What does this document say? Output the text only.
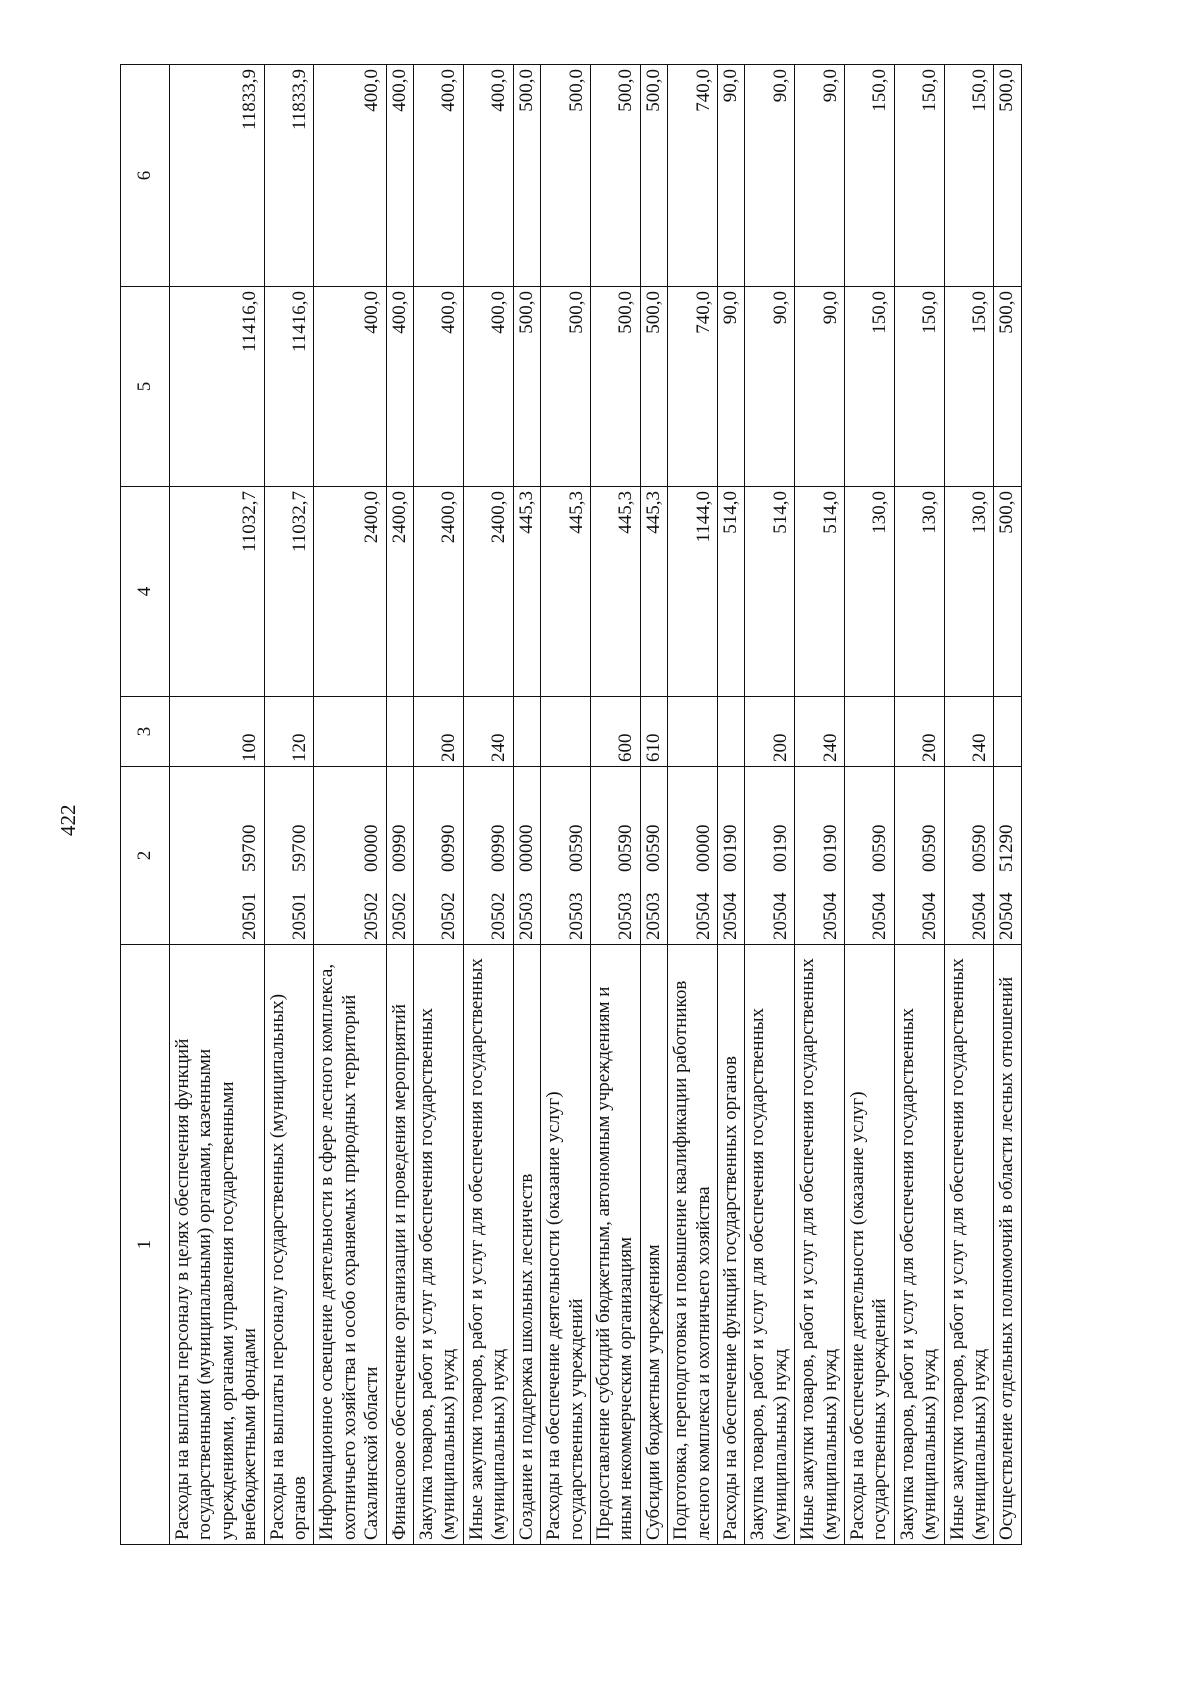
422
1	2	3	4	5	6
Расходы на выплаты персоналу в целях обеспечения функций государственными (муниципальными) органами, казенными учреждениями, органами управления государственными внебюджетными фондами	2050159700	100	11032,7	11416,0	11833,9
Расходы на выплаты персоналу государственных (муниципальных) органов	2050159700	120	11032,7	11416,0	11833,9
Информационное освещение деятельности в сфере лесного комплекса, охотничьего хозяйства и особо охраняемых природных территорий Сахалинской области	2050200000		2400,0	400,0	400,0
Финансовое обеспечение организации и проведения мероприятий	2050200990		2400,0	400,0	400,0
Закупка товаров, работ и услуг для обеспечения государственных (муниципальных) нужд	2050200990	200	2400,0	400,0	400,0
Иные закупки товаров, работ и услуг для обеспечения государственных (муниципальных) нужд	2050200990	240	2400,0	400,0	400,0
Создание и поддержка школьных лесничеств	2050300000		445,3	500,0	500,0
Расходы на обеспечение деятельности (оказание услуг) государственных учреждений	2050300590		445,3	500,0	500,0
Предоставление субсидий бюджетным, автономным учреждениям и иным некоммерческим организациям	2050300590	600	445,3	500,0	500,0
Субсидии бюджетным учреждениям	2050300590	610	445,3	500,0	500,0
Подготовка, переподготовка и повышение квалификации работников лесного комплекса и охотничьего хозяйства	2050400000		1144,0	740,0	740,0
Расходы на обеспечение функций государственных органов	2050400190		514,0	90,0	90,0
Закупка товаров, работ и услуг для обеспечения государственных (муниципальных) нужд	2050400190	200	514,0	90,0	90,0
Иные закупки товаров, работ и услуг для обеспечения государственных (муниципальных) нужд	2050400190	240	514,0	90,0	90,0
Расходы на обеспечение деятельности (оказание услуг) государственных учреждений	2050400590		130,0	150,0	150,0
Закупка товаров, работ и услуг для обеспечения государственных (муниципальных) нужд	2050400590	200	130,0	150,0	150,0
Иные закупки товаров, работ и услуг для обеспечения государственных (муниципальных) нужд	2050400590	240	130,0	150,0	150,0
Осуществление отдельных полномочий в области лесных отношений	2050451290		500,0	500,0	500,0
